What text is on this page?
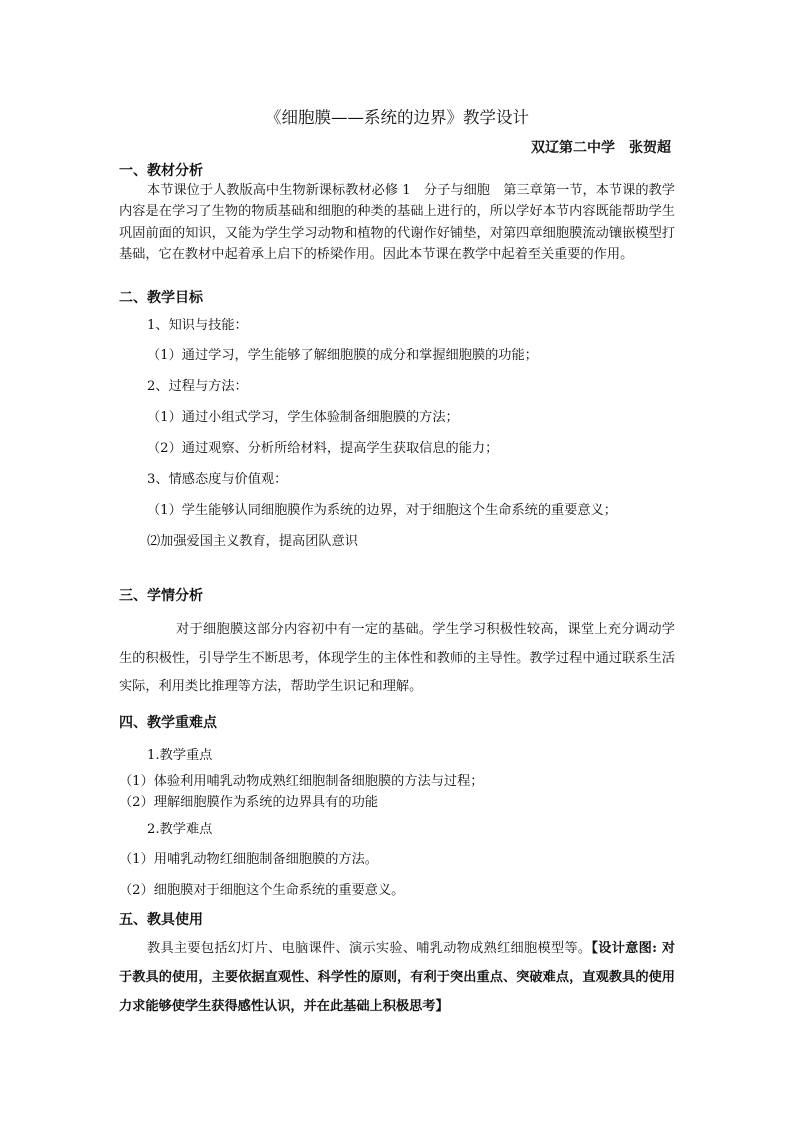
《细胞膜——系统的边界》教学设计
双辽第二中学　张贺超
一、教材分析

本节课位于人教版高中生物新课标教材必修 1　分子与细胞　第三章第一节，本节课的教学内容是在学习了生物的物质基础和细胞的种类的基础上进行的，所以学好本节内容既能帮助学生巩固前面的知识，又能为学生学习动物和植物的代谢作好铺垫，对第四章细胞膜流动镶嵌模型打基础，它在教材中起着承上启下的桥梁作用。因此本节课在教学中起着至关重要的作用。

二、教学目标
1、知识与技能：
（1）通过学习，学生能够了解细胞膜的成分和掌握细胞膜的功能；
2、过程与方法：
（1）通过小组式学习，学生体验制备细胞膜的方法；
（2）通过观察、分析所给材料，提高学生获取信息的能力；
3、情感态度与价值观：
（1）学生能够认同细胞膜作为系统的边界，对于细胞这个生命系统的重要意义；
⑵加强爱国主义教育，提高团队意识
三、学情分析

对于细胞膜这部分内容初中有一定的基础。学生学习积极性较高，课堂上充分调动学生的积极性，引导学生不断思考，体现学生的主体性和教师的主导性。教学过程中通过联系生活实际，利用类比推理等方法，帮助学生识记和理解。

四、教学重难点
1.教学重点
（1）体验利用哺乳动物成熟红细胞制备细胞膜的方法与过程；
（2）理解细胞膜作为系统的边界具有的功能
2.教学难点
（1）用哺乳动物红细胞制备细胞膜的方法。
（2）细胞膜对于细胞这个生命系统的重要意义。
五、教具使用

教具主要包括幻灯片、电脑课件、演示实验、哺乳动物成熟红细胞模型等。【设计意图: 对于教具的使用，主要依据直观性、科学性的原则，有利于突出重点、突破难点，直观教具的使用力求能够使学生获得感性认识，并在此基础上积极思考】
